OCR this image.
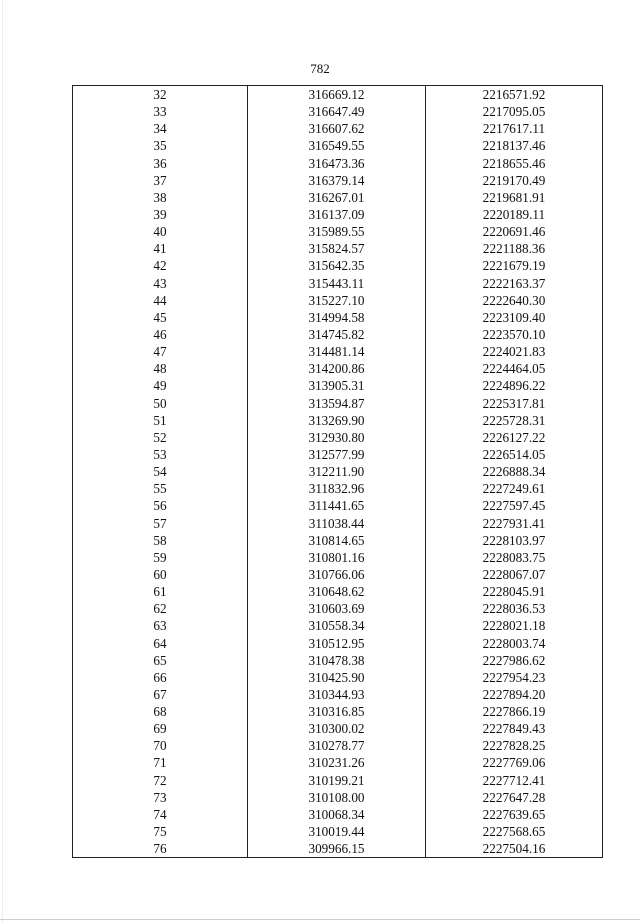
782
32
33
34
35
36
37
38
39
40
41
42
43
44
45
46
47
48
49
50
51
52
53
54
55
56
57
58
59
60
61
62
63
64
65
66
67
68
69
70
71
72
73
74
75
76
316669.12
316647.49
316607.62
316549.55
316473.36
316379.14
316267.01
316137.09
315989.55
315824.57
315642.35
315443.11
315227.10
314994.58
314745.82
314481.14
314200.86
313905.31
313594.87
313269.90
312930.80
312577.99
312211.90
311832.96
311441.65
311038.44
310814.65
310801.16
310766.06
310648.62
310603.69
310558.34
310512.95
310478.38
310425.90
310344.93
310316.85
310300.02
310278.77
310231.26
310199.21
310108.00
310068.34
310019.44
309966.15
2216571.92
2217095.05
2217617.11
2218137.46
2218655.46
2219170.49
2219681.91
2220189.11
2220691.46
2221188.36
2221679.19
2222163.37
2222640.30
2223109.40
2223570.10
2224021.83
2224464.05
2224896.22
2225317.81
2225728.31
2226127.22
2226514.05
2226888.34
2227249.61
2227597.45
2227931.41
2228103.97
2228083.75
2228067.07
2228045.91
2228036.53
2228021.18
2228003.74
2227986.62
2227954.23
2227894.20
2227866.19
2227849.43
2227828.25
2227769.06
2227712.41
2227647.28
2227639.65
2227568.65
2227504.16
